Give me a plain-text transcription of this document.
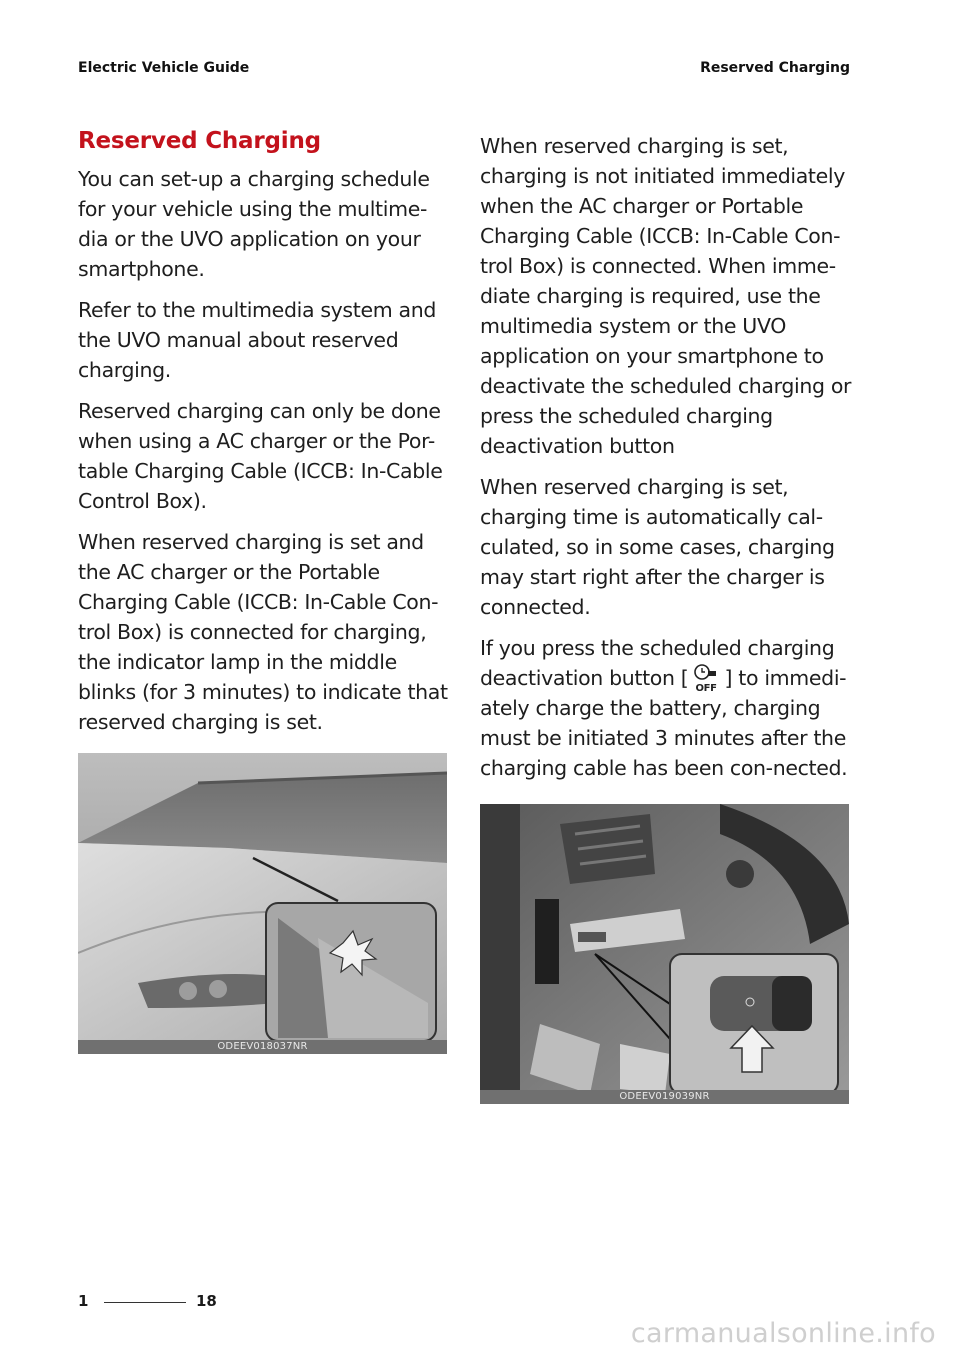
Electric Vehicle Guide	Reserved Charging
Reserved Charging

You can set-up a charging schedule for your vehicle using the multime-dia or the UVO application on your smartphone.

Refer to the multimedia system and the UVO manual about reserved charging.

Reserved charging can only be done when using a AC charger or the Por-table Charging Cable (ICCB: In-Cable Control Box).

When reserved charging is set and the AC charger or the Portable Charging Cable (ICCB: In-Cable Con-trol Box) is connected for charging, the indicator lamp in the middle blinks (for 3 minutes) to indicate that reserved charging is set.

ODEEV018037NR

When reserved charging is set, charging is not initiated immediately when the AC charger or Portable Charging Cable (ICCB: In-Cable Con-trol Box) is connected. When imme-diate charging is required, use the multimedia system or the UVO application on your smartphone to deactivate the scheduled charging or press the scheduled charging deactivation button

When reserved charging is set, charging time is automatically cal-culated, so in some cases, charging may start right after the charger is connected.

If you press the scheduled charging deactivation button [ OFF ] to immedi-ately charge the battery, charging must be initiated 3 minutes after the charging cable has been con-nected.

ODEEV019039NR
1	18
carmanualsonline.info
